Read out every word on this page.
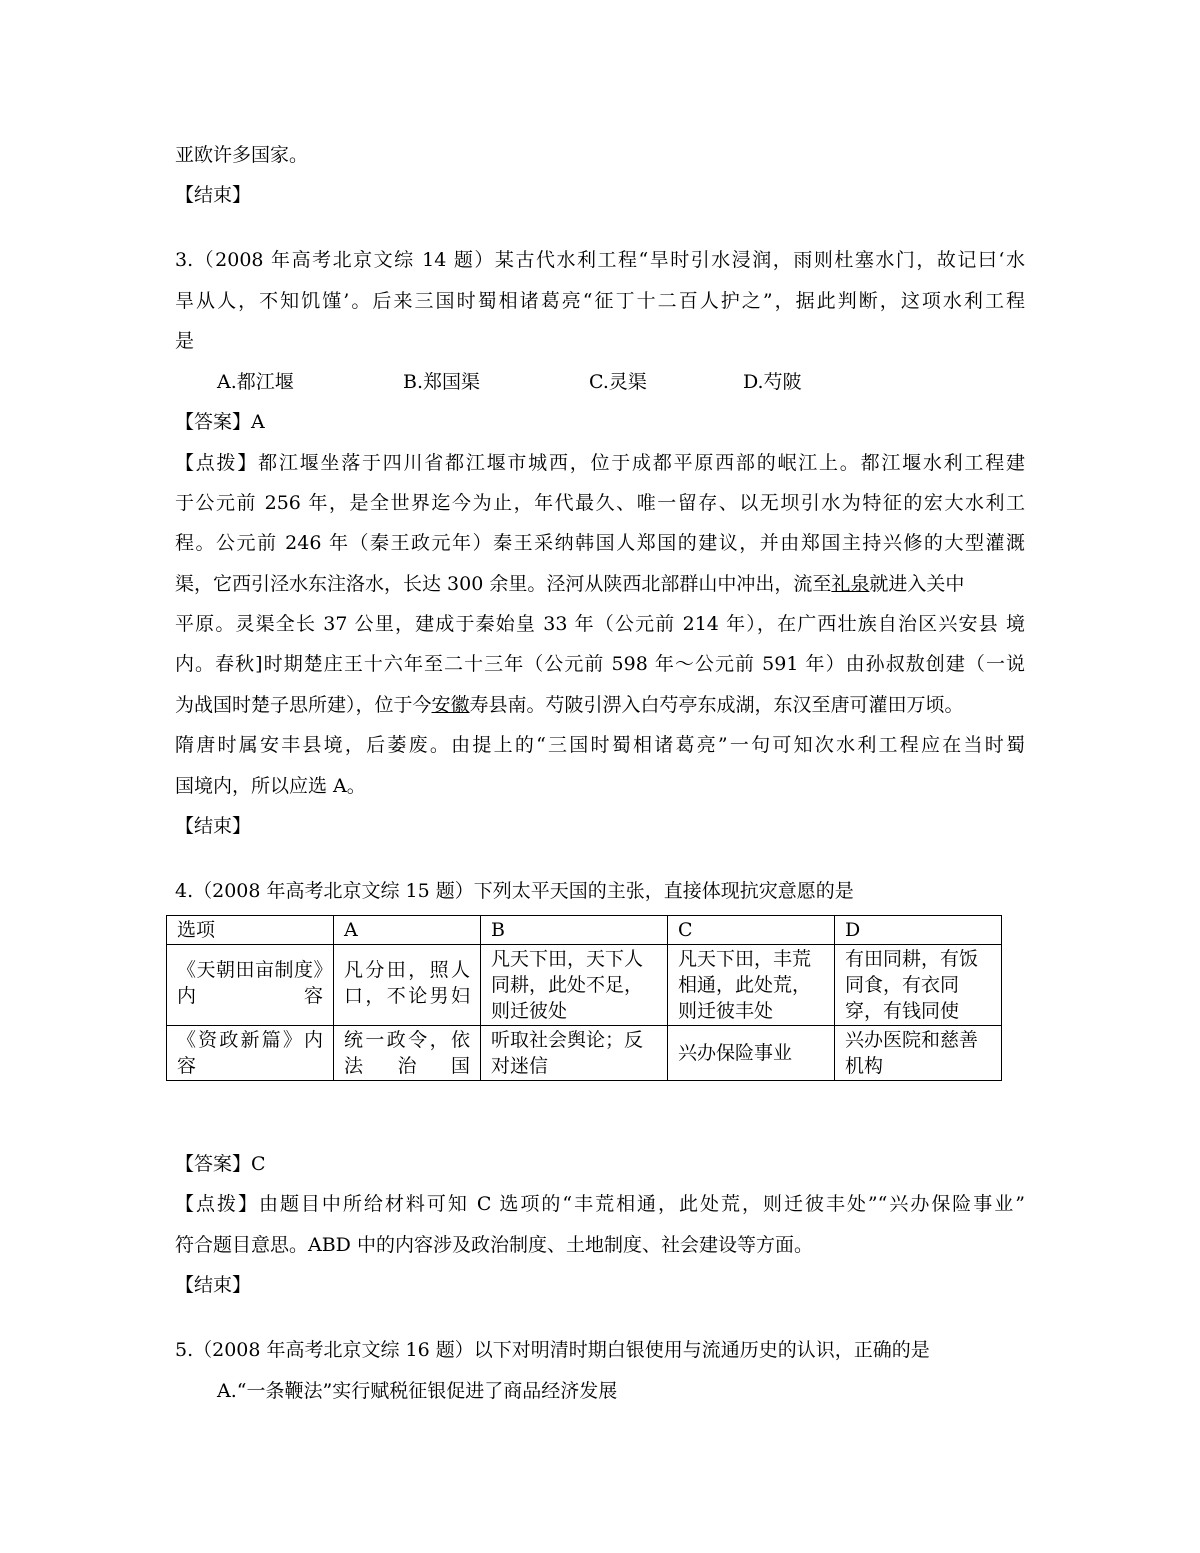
亚欧许多国家。
【结束】
3.（2008 年高考北京文综 14 题）某古代水利工程“旱时引水浸润，雨则杜塞水门，故记曰‘水
旱从人，不知饥馑’。后来三国时蜀相诸葛亮“征丁十二百人护之”，据此判断，这项水利工程
是
A.都江堰	B.郑国渠	C.灵渠	D.芍陂
【答案】A
【点拨】都江堰坐落于四川省都江堰市城西，位于成都平原西部的岷江上。都江堰水利工程建
于公元前 256 年，是全世界迄今为止，年代最久、唯一留存、以无坝引水为特征的宏大水利工
程。公元前 246 年（秦王政元年）秦王采纳韩国人郑国的建议，并由郑国主持兴修的大型灌溉
渠，它西引泾水东注洛水，长达 300 余里。泾河从陕西北部群山中冲出，流至礼泉就进入关中
平原。灵渠全长 37 公里，建成于秦始皇 33 年（公元前 214 年），在广西壮族自治区兴安县 境
内。春秋]时期楚庄王十六年至二十三年（公元前 598 年～公元前 591 年）由孙叔敖创建（一说
为战国时楚子思所建），位于今安徽寿县南。芍陂引淠入白芍亭东成湖，东汉至唐可灌田万顷。
隋唐时属安丰县境，后萎废。由提上的“三国时蜀相诸葛亮”一句可知次水利工程应在当时蜀
国境内，所以应选 A。
【结束】
4.（2008 年高考北京文综 15 题）下列太平天国的主张，直接体现抗灾意愿的是
选项	A	B	C	D
《天朝田亩制度》内容	凡分田，照人口，不论男妇	凡天下田，天下人同耕，此处不足，则迁彼处	凡天下田，丰荒相通，此处荒，则迁彼丰处	有田同耕，有饭同食，有衣同穿，有钱同使
《资政新篇》内容	统一政令，依法治国	听取社会舆论；反对迷信	兴办保险事业	兴办医院和慈善机构
【答案】C
【点拨】由题目中所给材料可知 C 选项的“丰荒相通，此处荒，则迁彼丰处”“兴办保险事业”
符合题目意思。ABD 中的内容涉及政治制度、土地制度、社会建设等方面。
【结束】
5.（2008 年高考北京文综 16 题）以下对明清时期白银使用与流通历史的认识，正确的是
A.“一条鞭法”实行赋税征银促进了商品经济发展
